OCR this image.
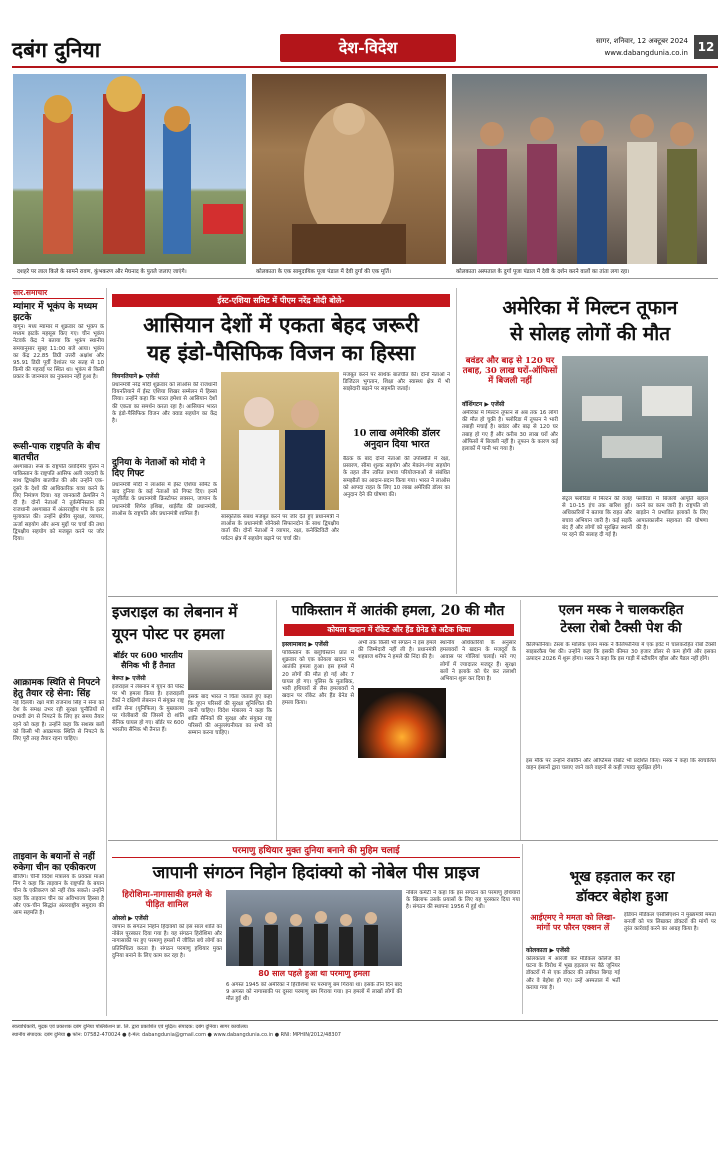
दबंग दुनिया	देश-विदेश	सागर, शनिवार, 12 अक्टूबर 2024
www.dabangdunia.co.in 12
दशहरे पर लाल किले के सामने रावण, कुंभकरण और मेघनाद के पुतले जलाए जाएंगे।	कोलकाता के एक सामुदायिक पूजा पंडाल में देवी दुर्गा की एक मूर्ति।	कोलकाता अस्पताल के दुर्गा पूजा पंडाल में देवी के दर्शन करने वालों का तांता लगा रहा।
सार.समाचार
म्यांमार में भूकंप के मध्यम झटके
यांगून। मध्य म्यांमार में शुक्रवार को भूकंप के मध्यम झटके महसूस किए गए। चीन भूकंप नेटवर्क केंद्र ने बताया कि भूकंप स्थानीय समयानुसार सुबह 11:00 बजे आया। भूकंप का केंद्र 22.85 डिग्री उत्तरी अक्षांश और 95.91 डिग्री पूर्वी देशांतर पर सतह से 10 किमी की गहराई पर स्थित था। भूकंप से किसी प्रकार के जानमाल का नुकसान नहीं हुआ है।
रूसी-पाक राष्ट्रपति के बीच बातचीत
अश्गाबात। रूस के राष्ट्रपति व्लादिमीर पुतिन ने पाकिस्तान के राष्ट्रपति आसिफ अली जरदारी के साथ द्विपक्षीय बातचीत की और उन्होंने एक-दूसरे के देशों की आधिकारिक यात्रा करने के लिए निमंत्रण दिया। यह जानकारी क्रेमलिन ने दी है। दोनों नेताओं ने तुर्कमेनिस्तान की राजधानी अश्गाबात में अंतरराष्ट्रीय मंच के इतर मुलाकात की। उन्होंने क्षेत्रीय सुरक्षा, व्यापार, ऊर्जा सहयोग और अन्य मुद्दों पर चर्चा की तथा द्विपक्षीय सहयोग को मजबूत करने पर जोर दिया।
आक्रामक स्थिति से निपटने हेतु तैयार रहे सेना: सिंह
नई दिल्ली। रक्षा मंत्री राजनाथ सिंह ने सेना को देश के समक्ष उभर रही सुरक्षा चुनौतियों से प्रभावी ढंग से निपटने के लिए हर समय तैयार रहने को कहा है। उन्होंने कहा कि सशस्त्र बलों को किसी भी आक्रामक स्थिति से निपटने के लिए पूरी तरह तैयार रहना चाहिए।
ताइवान के बयानों से नहीं रुकेगा चीन का एकीकरण
बीजिंग। चीनी विदेश मंत्रालय के प्रवक्ता माओ निंग ने कहा कि ताइवान के राष्ट्रपति के बयान चीन के एकीकरण को नहीं रोक सकते। उन्होंने कहा कि ताइवान चीन का अविभाज्य हिस्सा है और एक-चीन सिद्धांत अंतरराष्ट्रीय समुदाय की आम सहमति है।
ईस्ट-एशिया समिट में पीएम नरेंद्र मोदी बोले-
आसियान देशों में एकता बेहद जरूरी
यह इंडो-पैसिफिक विजन का हिस्सा
वियनतियाने ▶ एजेंसी
प्रधानमंत्री नरेंद्र मोदी शुक्रवार को लाओस की राजधानी वियनतियाने में ईस्ट एशिया शिखर सम्मेलन में हिस्सा लिया। उन्होंने कहा कि भारत हमेशा से आसियान देशों की एकता का समर्थन करता रहा है। आसियान भारत के इंडो-पैसिफिक विजन और क्वाड सहयोग का केंद्र है।
दुनिया के नेताओं को मोदी ने दिए गिफ्ट
प्रधानमंत्री मोदी ने लाओस में ईस्ट एशिया समिट के बाद दुनिया के कई नेताओं को गिफ्ट दिए। इनमें न्यूजीलैंड के प्रधानमंत्री क्रिस्टोफर लक्सन, जापान के प्रधानमंत्री शिगेरु इशिबा, थाईलैंड की प्रधानमंत्री, लाओस के राष्ट्रपति और प्रधानमंत्री शामिल हैं।
सांस्कृतिक संबंध मजबूत करने पर जोर देते हुए प्रधानमंत्री ने लाओस के प्रधानमंत्री सोनेक्से सिफानदोन के साथ द्विपक्षीय वार्ता की। दोनों नेताओं ने व्यापार, रक्षा, कनेक्टिविटी और पर्यटन क्षेत्र में सहयोग बढ़ाने पर चर्चा की।
मजबूत करने पर सार्थक बातचीत की। दोनों नेताओं ने डिजिटल भुगतान, शिक्षा और स्वास्थ्य क्षेत्र में भी साझेदारी बढ़ाने पर सहमति जताई।
10 लाख अमेरिकी डॉलर अनुदान दिया भारत
बैठक के बाद दोनों नेताओं की उपस्थिति में रक्षा, प्रसारण, सीमा शुल्क सहयोग और मेकांग-गंगा सहयोग के तहत तीन त्वरित प्रभाव परियोजनाओं से संबंधित समझौतों का आदान-प्रदान किया गया। भारत ने लाओस को आपदा राहत के लिए 10 लाख अमेरिकी डॉलर का अनुदान देने की घोषणा की।
अमेरिका में मिल्टन तूफान
से सोलह लोगों की मौत
बवंडर और बाढ़ से 120 घर तबाह, 30 लाख घरों-ऑफिसों में बिजली नहीं
वॉशिंगटन ▶ एजेंसी
अमेरिका में मिल्टन तूफान से अब तक 16 लोगों की मौत हो चुकी है। फ्लोरिडा में तूफान ने भारी तबाही मचाई है। बवंडर और बाढ़ से 120 घर तबाह हो गए हैं और करीब 30 लाख घरों और ऑफिसों में बिजली नहीं है। तूफान के कारण कई इलाकों में पानी भर गया है।
सेंट्रल फ्लोरिडा में मिल्टन की वजह से 10-15 इंच तक बारिश हुई। अधिकारियों ने बताया कि राहत और बचाव अभियान जारी है। कई सड़कें बंद हैं और लोगों को सुरक्षित स्थानों पर रहने की सलाह दी गई है।
फ्लोरिडा में बिजली आपूर्ति बहाल करने का काम जारी है। राष्ट्रपति जो बाइडेन ने प्रभावित इलाकों के लिए आपातकालीन सहायता की घोषणा की है।
इजराइल का लेबनान में
यूएन पोस्ट पर हमला
बॉर्डर पर 600 भारतीय सैनिक भी हैं तैनात
बेरूत ▶ एजेंसी
इजराइल ने लेबनान में यूएन की पोस्ट पर भी हमला किया है। इजराइली टैंकों ने दक्षिणी लेबनान में संयुक्त राष्ट्र शांति सेना (यूनिफिल) के मुख्यालय पर गोलीबारी की जिसमें दो शांति सैनिक घायल हो गए। बॉर्डर पर 600 भारतीय सैनिक भी तैनात हैं।
इसके बाद भारत ने चिंता जताते हुए कहा कि यूएन परिसरों की सुरक्षा सुनिश्चित की जानी चाहिए। विदेश मंत्रालय ने कहा कि शांति सैनिकों की सुरक्षा और संयुक्त राष्ट्र परिसरों की अनुल्लंघनीयता का सभी को सम्मान करना चाहिए।
पाकिस्तान में आतंकी हमला, 20 की मौत
कोयला खदान में रॉकेट और हैंड ग्रेनेड से अटैक किया
इस्लामाबाद ▶ एजेंसी
पाकिस्तान के बलूचिस्तान प्रांत में शुक्रवार को एक कोयला खदान पर आतंकी हमला हुआ। इस हमले में 20 लोगों की मौत हो गई और 7 घायल हो गए। पुलिस के मुताबिक, भारी हथियारों से लैस हमलावरों ने खदान पर रॉकेट और हैंड ग्रेनेड से हमला किया।
अभी तक किसी भी संगठन ने इस हमले की जिम्मेदारी नहीं ली है। प्रधानमंत्री शहबाज शरीफ ने हमले की निंदा की है।
स्थानीय अधिकारियों के अनुसार हमलावरों ने खदान के मजदूरों के आवास पर गोलियां चलाईं। मारे गए लोगों में ज्यादातर मजदूर हैं। सुरक्षा बलों ने इलाके को घेर कर तलाशी अभियान शुरू कर दिया है।
एलन मस्क ने चालकरहित
टेस्ला रोबो टैक्सी पेश की
कैलिफोर्निया। टेस्ला के मालिक एलन मस्क ने कैलिफोर्निया में एक इवेंट में चालकरहित रोबो टैक्सी साइबरकैब पेश की। उन्होंने कहा कि इसकी कीमत 30 हजार डॉलर से कम होगी और इसका उत्पादन 2026 में शुरू होगा। मस्क ने कहा कि इस गाड़ी में स्टीयरिंग व्हील और पैडल नहीं होंगे।
इस मौके पर उन्होंने रोबोवैन और ऑप्टिमस रोबोट भी प्रदर्शित किए। मस्क ने कहा कि स्वचालित वाहन इंसानों द्वारा चलाए जाने वाले वाहनों से कहीं ज्यादा सुरक्षित होंगे।
परमाणु हथियार मुक्त दुनिया बनाने की मुहिम चलाई
जापानी संगठन निहोन हिदांक्यो को नोबेल पीस प्राइज
हिरोशिमा-नागासाकी हमले के पीड़ित शामिल
ओस्लो ▶ एजेंसी
जापान के संगठन निहोन हिदांक्यो को इस साल शांति का नोबेल पुरस्कार दिया गया है। यह संगठन हिरोशिमा और नागासाकी पर हुए परमाणु हमलों में जीवित बचे लोगों का प्रतिनिधित्व करता है। संगठन परमाणु हथियार मुक्त दुनिया बनाने के लिए काम कर रहा है।
80 साल पहले हुआ था परमाणु हमला
6 अगस्त 1945 को अमेरिका ने हिरोशिमा पर परमाणु बम गिराया था। इसके तीन दिन बाद 9 अगस्त को नागासाकी पर दूसरा परमाणु बम गिराया गया। इन हमलों में लाखों लोगों की मौत हुई थी।
नोबेल कमेटी ने कहा कि इस संगठन को परमाणु हथियारों के खिलाफ उसके प्रयासों के लिए यह पुरस्कार दिया गया है। संगठन की स्थापना 1956 में हुई थी।
भूख हड़ताल कर रहा
डॉक्टर बेहोश हुआ
आईएमए ने ममता को लिखा- मांगों पर फौरन एक्शन लें
कोलकाता ▶ एजेंसी
कोलकाता में आरजी कर मेडिकल कॉलेज की घटना के विरोध में भूख हड़ताल पर बैठे जूनियर डॉक्टरों में से एक डॉक्टर की तबीयत बिगड़ गई और वे बेहोश हो गए। उन्हें अस्पताल में भर्ती कराया गया है।
इंडियन मेडिकल एसोसिएशन ने मुख्यमंत्री ममता बनर्जी को पत्र लिखकर डॉक्टरों की मांगों पर तुरंत कार्रवाई करने का आग्रह किया है।
स्वत्वाधिकारी, मुद्रक एवं प्रकाशक दबंग दुनिया पब्लिकेशन प्रा. लि. द्वारा प्रकाशित एवं मुद्रित। संपादक: दबंग दुनिया। सागर कार्यालय।
स्थानीय संपादक: दबंग दुनिया ● फोन: 07582-470024 ● ई-मेल: dabangdunia@gmail.com ● www.dabangdunia.co.in ● RNI: MPHIN/2012/48307
